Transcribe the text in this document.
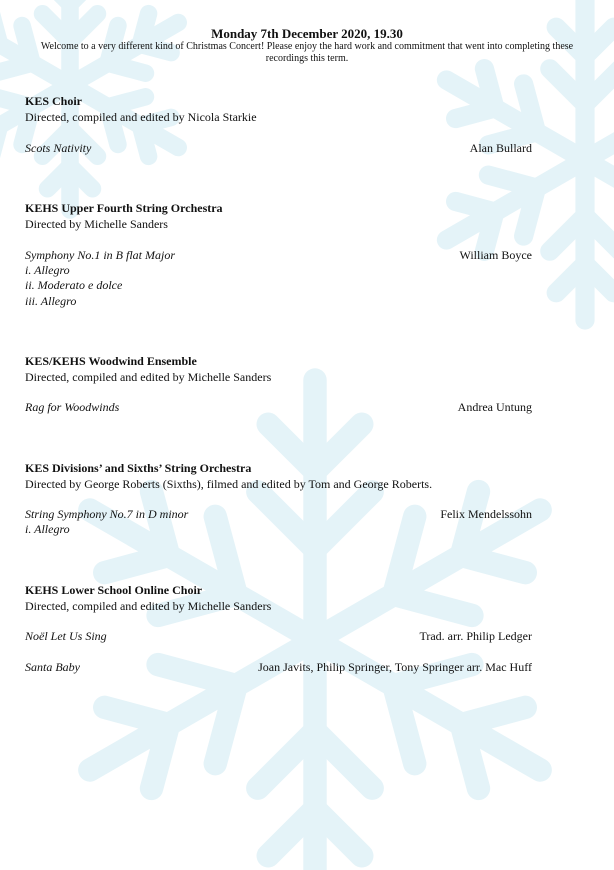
Monday 7th December 2020, 19.30
Welcome to a very different kind of Christmas Concert! Please enjoy the hard work and commitment that went into completing these recordings this term.
KES Choir
Directed, compiled and edited by Nicola Starkie
Scots Nativity	Alan Bullard
KEHS Upper Fourth String Orchestra
Directed by Michelle Sanders
Symphony No.1 in B flat Major	William Boyce
i. Allegro
ii. Moderato e dolce
iii. Allegro
KES/KEHS Woodwind Ensemble
Directed, compiled and edited by Michelle Sanders
Rag for Woodwinds	Andrea Untung
KES Divisions’ and Sixths’ String Orchestra
Directed by George Roberts (Sixths), filmed and edited by Tom and George Roberts.
String Symphony No.7 in D minor	Felix Mendelssohn
i. Allegro
KEHS Lower School Online Choir
Directed, compiled and edited by Michelle Sanders
Noël Let Us Sing	Trad. arr. Philip Ledger
Santa Baby	Joan Javits, Philip Springer, Tony Springer arr. Mac Huff
